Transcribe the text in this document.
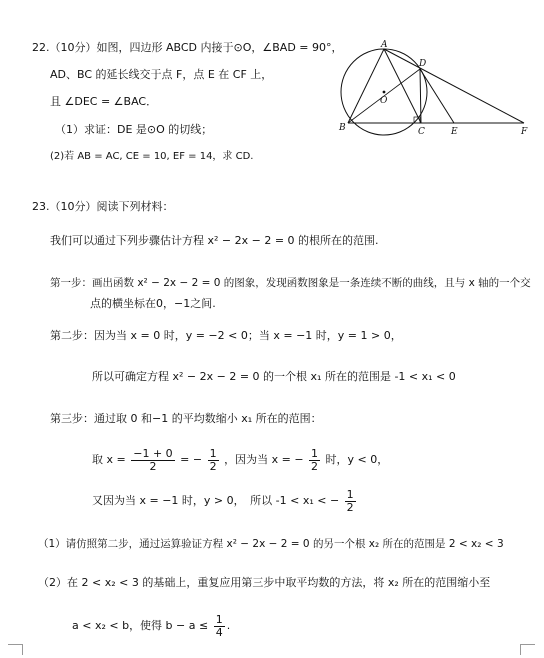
22.（10分）如图，四边形 ABCD 内接于⊙O，∠BAD = 90°，
AD、BC 的延长线交于点 F，点 E 在 CF 上，
且 ∠DEC = ∠BAC．
（1）求证：DE 是⊙O 的切线；
(2)若 AB = AC, CE = 10, EF = 14，求 CD.
A
B	C
D
E	F
O
23.（10分）阅读下列材料：
我们可以通过下列步骤估计方程 x² − 2x − 2 = 0 的根所在的范围.
第一步：画出函数 x² − 2x − 2 = 0 的图象，发现函数图象是一条连续不断的曲线，且与 x 轴的一个交
点的横坐标在0，−1之间.
第二步：因为当 x = 0 时，y = −2 < 0；当 x = −1 时，y = 1 > 0，
所以可确定方程 x² − 2x − 2 = 0 的一个根 x₁ 所在的范围是 -1 < x₁ < 0
第三步：通过取 0 和−1 的平均数缩小 x₁ 所在的范围：
取 $x = \frac{-1 + 0}{2}$ = − $\frac{1}{2}$ ，因为当 x = − $\frac{1}{2}$ 时，y < 0，
又因为当 x = −1 时，y > 0，　所以 -1 < x₁ < − $\frac{1}{2}$
（1）请仿照第二步，通过运算验证方程 x² − 2x − 2 = 0 的另一个根 x₂ 所在的范围是 2 < x₂ < 3
（2）在 2 < x₂ < 3 的基础上，重复应用第三步中取平均数的方法，将 x₂ 所在的范围缩小至
a < x₂ < b，使得 $b - a \le \frac{1}{4}$ .
